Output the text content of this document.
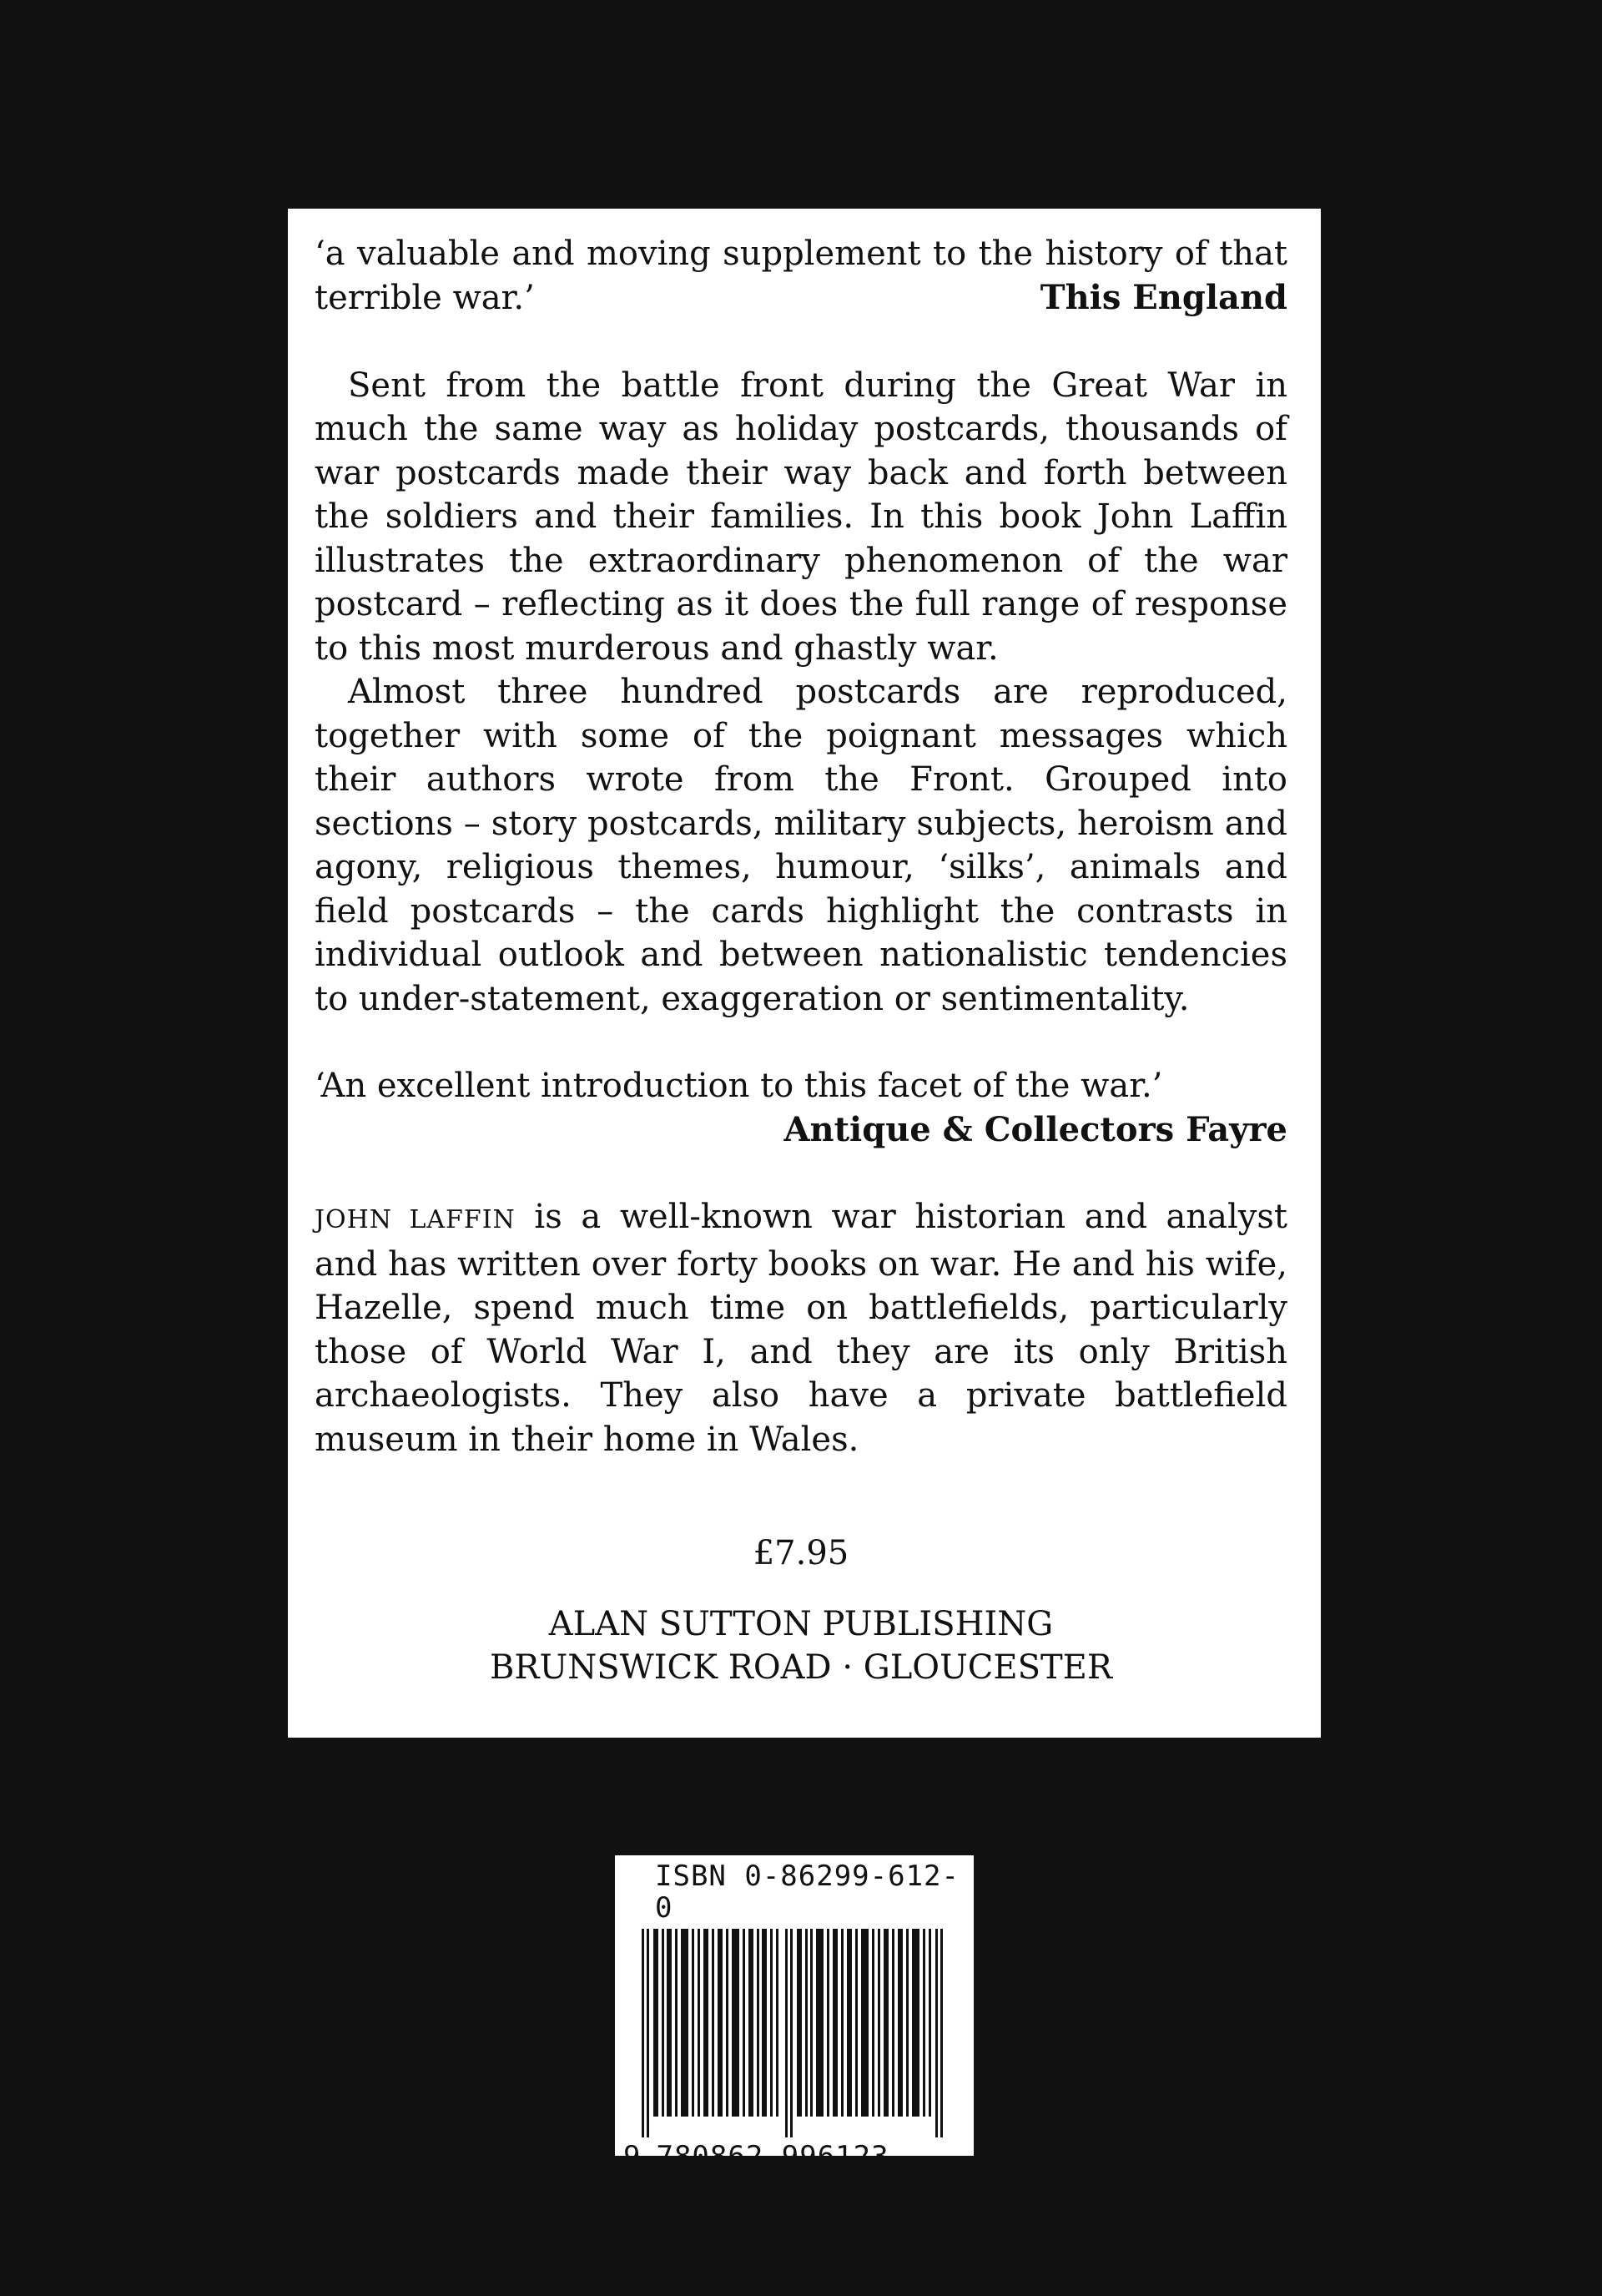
‘a valuable and moving supplement to the history of that terrible war.’	This England

Sent from the battle front during the Great War in much the same way as holiday postcards, thousands of war postcards made their way back and forth between the soldiers and their families. In this book John Laffin illustrates the extraordinary phenomenon of the war postcard – reflecting as it does the full range of response to this most murderous and ghastly war.

Almost three hundred postcards are reproduced, together with some of the poignant messages which their authors wrote from the Front. Grouped into sections – story postcards, military subjects, heroism and agony, religious themes, humour, ‘silks’, animals and field postcards – the cards highlight the contrasts in individual outlook and between nationalistic tendencies to under-statement, exaggeration or sentimentality.

‘An excellent introduction to this facet of the war.’

Antique & Collectors Fayre

JOHN LAFFIN is a well-known war historian and analyst and has written over forty books on war. He and his wife, Hazelle, spend much time on battlefields, particularly those of World War I, and they are its only British archaeologists. They also have a private battlefield museum in their home in Wales.

£7.95

ALAN SUTTON PUBLISHING

BRUNSWICK ROAD · GLOUCESTER

ISBN 0-86299-612-0

9 780862 996123
